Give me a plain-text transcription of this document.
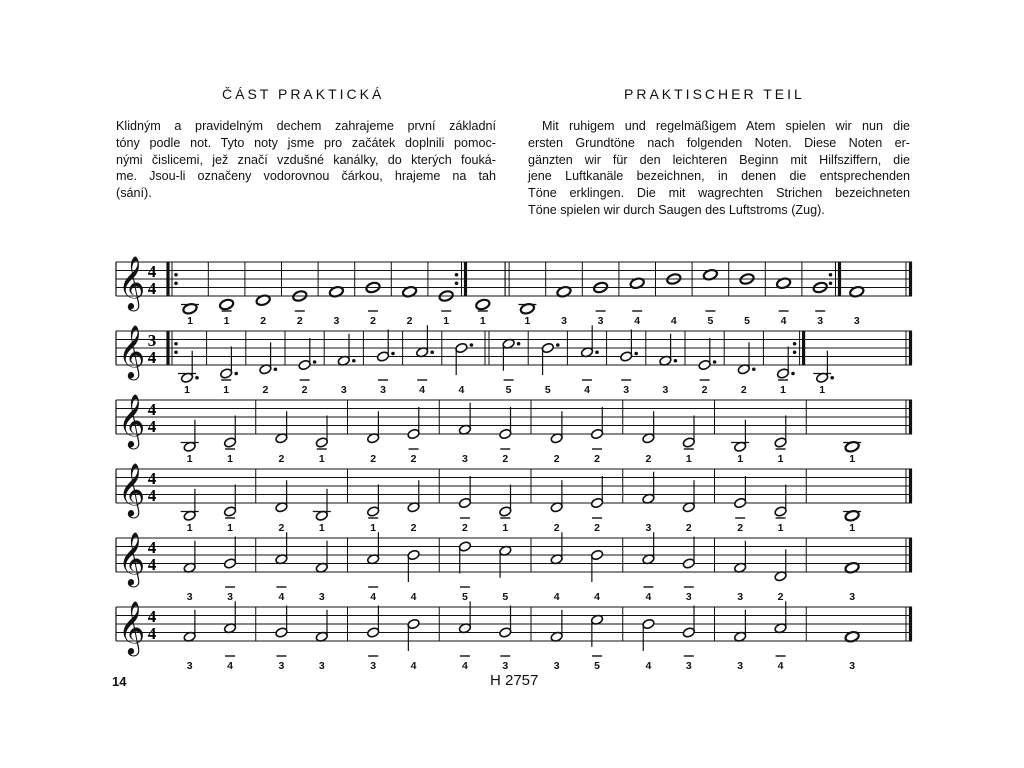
ČÁST PRAKTICKÁ	PRAKTISCHER TEIL
Klidným a pravidelným dechem zahrajeme první základní
tóny podle not. Tyto noty jsme pro začátek doplnili pomoc-
nými čislicemi, jež značí vzdušné kanálky, do kterých fouká-
me. Jsou-li označeny vodorovnou čárkou, hrajeme na tah
(sání).
Mit ruhigem und regelmäßigem Atem spielen wir nun die
ersten Grundtöne nach folgenden Noten. Diese Noten er-
gänzten wir für den leichteren Beginn mit Hilfsziffern, die
jene Luftkanäle bezeichnen, in denen die entsprechenden
Töne erklingen. Die mit wagrechten Strichen bezeichneten
Töne spielen wir durch Saugen des Luftstroms (Zug).
𝄞 4
4
1	1	2	2	3	2	2	1	1	1	3	3	4	4	5	5	4	3	3
𝄞 3
4
1	1	2	2	3	3	4	4	5	5	4	3	3	2	2	1	1
𝄞 4
4
1	1	2	1	2	2	3	2	2	2	2	1	1	1	1
𝄞 4
4
1	1	2	1	1	2	2	1	2	2	3	2	2	1	1
𝄞 4
4
3	3	4	3	4	4	5	5	4	4	4	3	3	2	3
𝄞 4
4
3	4	3	3	3	4	4	3	3	5	4	3	3	4	3
14	H 2757
